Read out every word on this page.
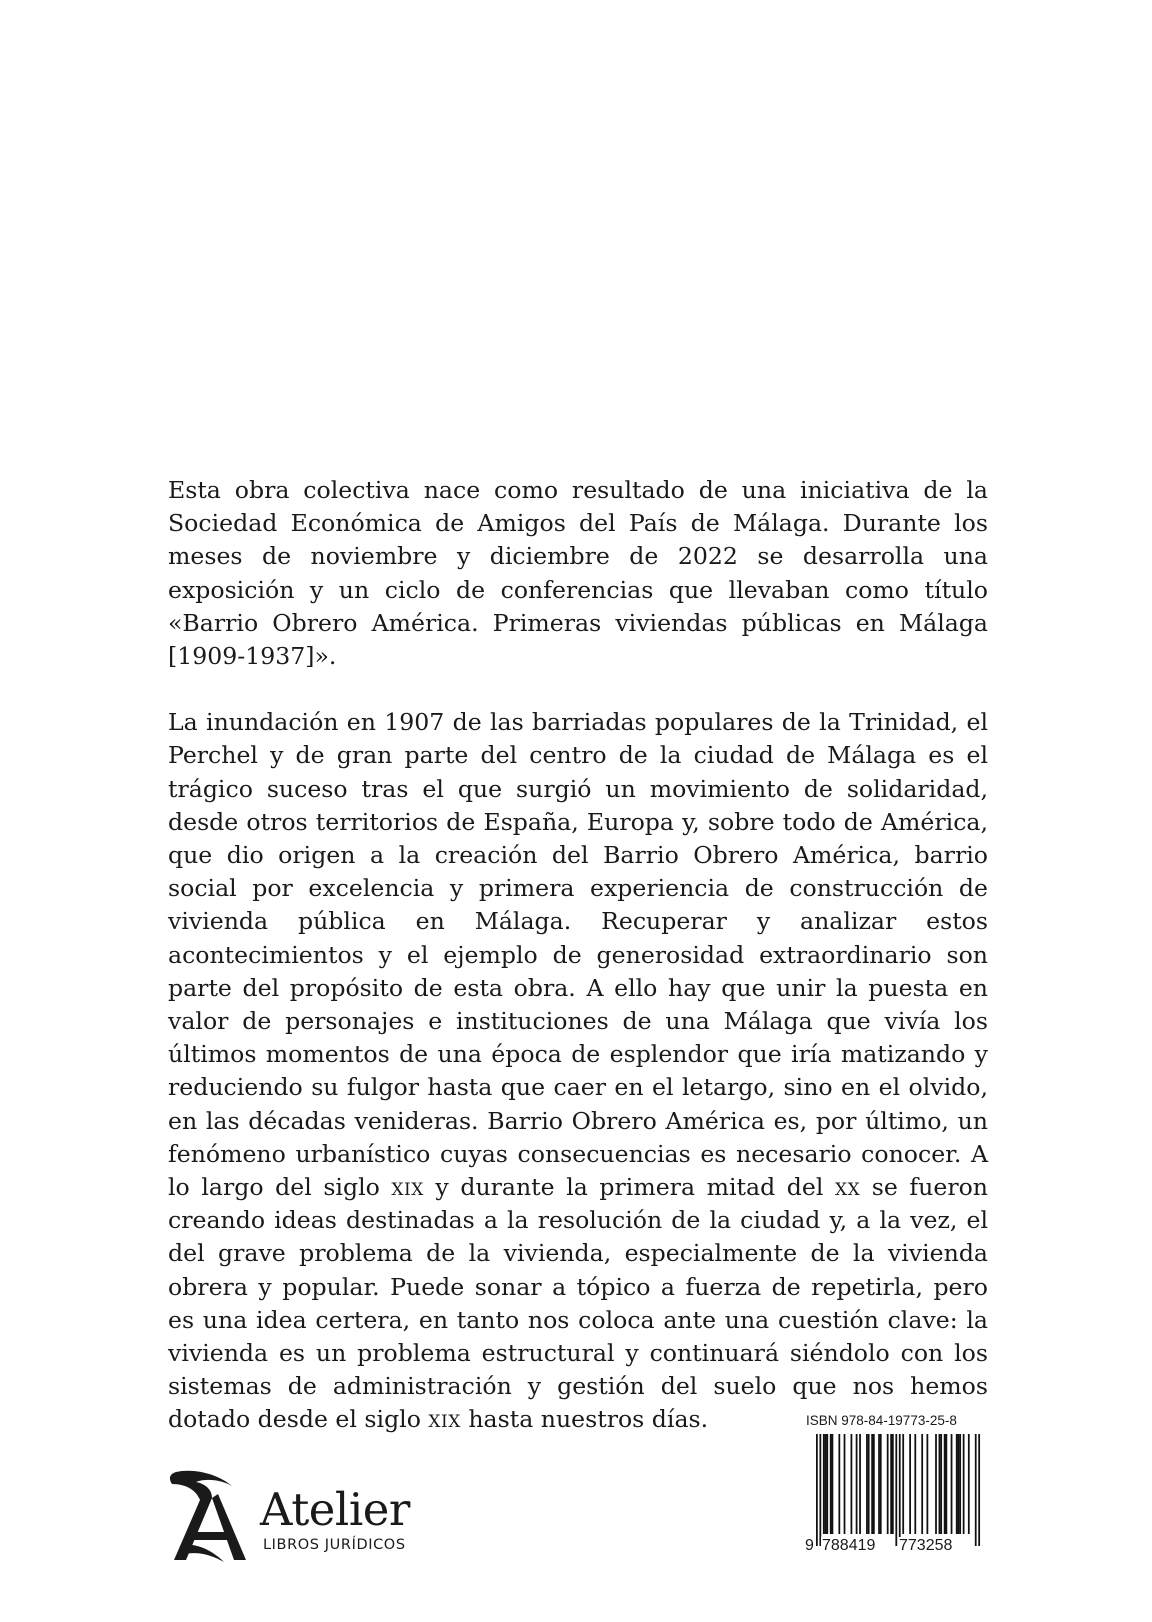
Esta obra colectiva nace como resultado de una iniciativa de la Sociedad Económica de Amigos del País de Málaga. Durante los meses de noviembre y diciembre de 2022 se desarrolla una exposición y un ciclo de conferencias que llevaban como título «Barrio Obrero América. Primeras viviendas públicas en Málaga [1909-1937]».

La inundación en 1907 de las barriadas populares de la Trinidad, el Perchel y de gran parte del centro de la ciudad de Málaga es el trágico suceso tras el que surgió un movimiento de solidaridad, desde otros territorios de España, Europa y, sobre todo de América, que dio origen a la creación del Barrio Obrero América, barrio social por excelencia y primera experiencia de construcción de vivienda pública en Málaga. Recuperar y analizar estos acontecimientos y el ejemplo de generosidad extraordinario son parte del propósito de esta obra. A ello hay que unir la puesta en valor de personajes e instituciones de una Málaga que vivía los últimos momentos de una época de esplendor que iría matizando y reduciendo su fulgor hasta que caer en el letargo, sino en el olvido, en las décadas venideras. Barrio Obrero América es, por último, un fenómeno urbanístico cuyas consecuencias es necesario conocer. A lo largo del siglo xix y durante la primera mitad del xx se fueron creando ideas destinadas a la resolución de la ciudad y, a la vez, el del grave problema de la vivienda, especialmente de la vivienda obrera y popular. Puede sonar a tópico a fuerza de repetirla, pero es una idea certera, en tanto nos coloca ante una cuestión clave: la vivienda es un problema estructural y continuará siéndolo con los sistemas de administración y gestión del suelo que nos hemos dotado desde el siglo xix hasta nuestros días.

Atelier
LIBROS JURÍDICOS
ISBN 978-84-19773-25-8
9 788419 773258
